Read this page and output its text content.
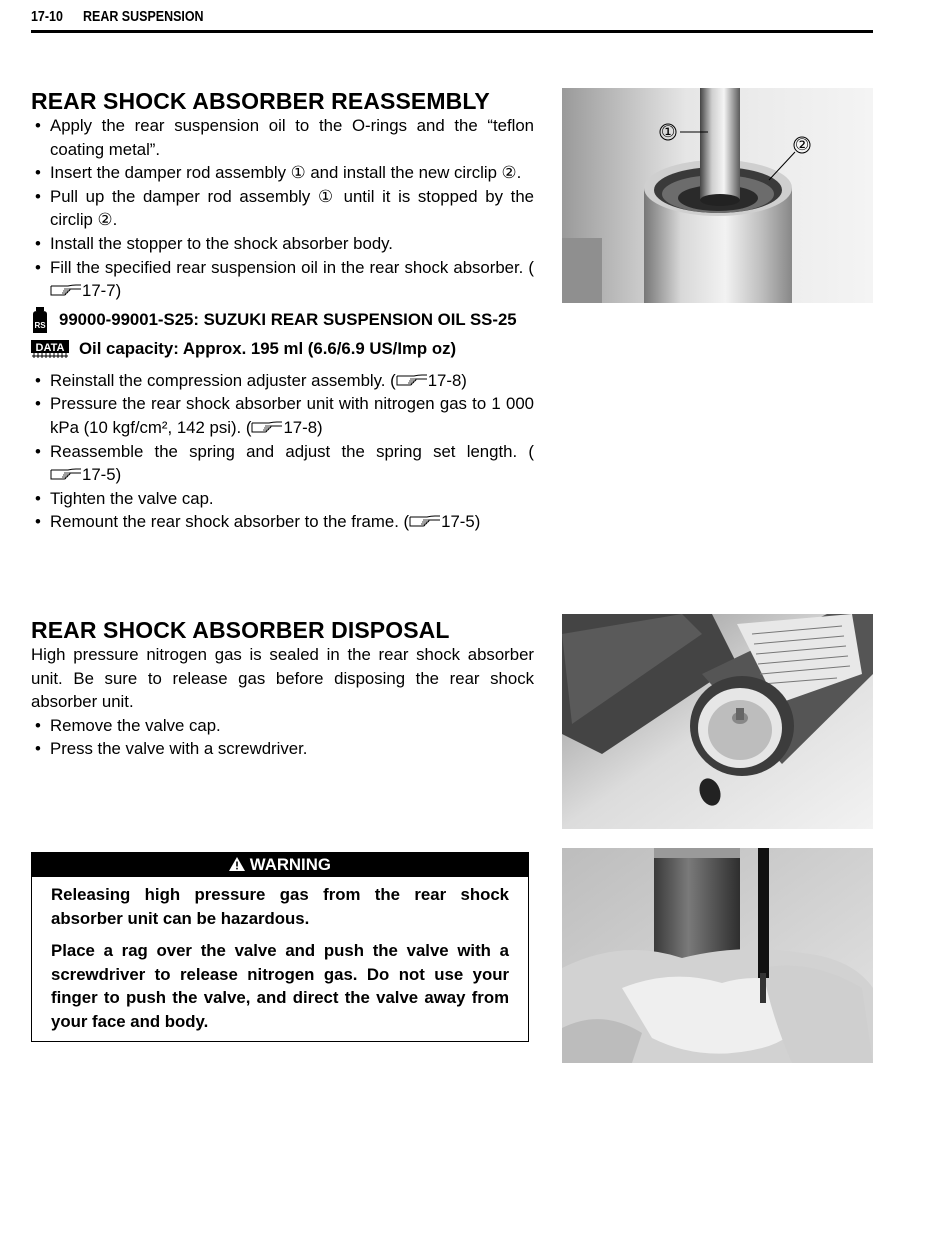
17-10 REAR SUSPENSION
REAR SHOCK ABSORBER REASSEMBLY
• Apply the rear suspension oil to the O-rings and the “teflon coating metal”.
• Insert the damper rod assembly ① and install the new circlip ②.
• Pull up the damper rod assembly ① until it is stopped by the circlip ②.
• Install the stopper to the shock absorber body.
• Fill the specified rear suspension oil in the rear shock absorber. (17-7)
RS 99000-99001-S25: SUZUKI REAR SUSPENSION OIL SS-25
DATA Oil capacity: Approx. 195 ml (6.6/6.9 US/Imp oz)
• Reinstall the compression adjuster assembly. ( 17-8)
• Pressure the rear shock absorber unit with nitrogen gas to 1 000 kPa (10 kgf/cm², 142 psi). ( 17-8)
• Reassemble the spring and adjust the spring set length. (17-5)
• Tighten the valve cap.
• Remount the rear shock absorber to the frame. ( 17-5)
①
②
REAR SHOCK ABSORBER DISPOSAL

High pressure nitrogen gas is sealed in the rear shock absorber unit. Be sure to release gas before disposing the rear shock absorber unit.

• Remove the valve cap.
• Press the valve with a screwdriver.
WARNING

Releasing high pressure gas from the rear shock absorber unit can be hazardous.

Place a rag over the valve and push the valve with a screwdriver to release nitrogen gas. Do not use your finger to push the valve, and direct the valve away from your face and body.
